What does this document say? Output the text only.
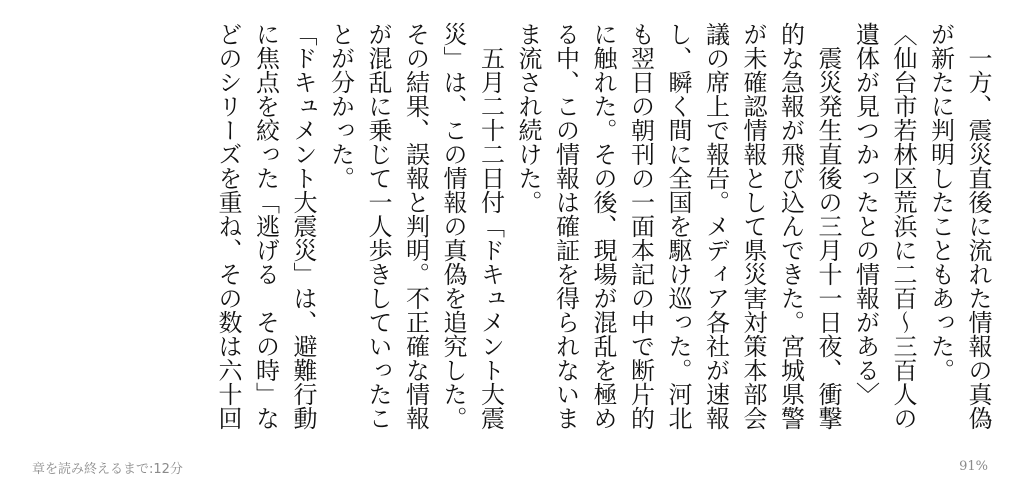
　一方、震災直後に流れた情報の真偽が新たに判明したこともあった。

〈仙台市若林区荒浜に二百〜三百人の遺体が見つかったとの情報がある〉

　震災発生直後の三月十一日夜、衝撃的な急報が飛び込んできた。宮城県警が未確認情報として県災害対策本部会議の席上で報告。メディア各社が速報し、瞬く間に全国を駆け巡った。河北も翌日の朝刊の一面本記の中で断片的に触れた。その後、現場が混乱を極める中、この情報は確証を得られないまま流され続けた。

　五月二十二日付「ドキュメント大震災」は、この情報の真偽を追究した。その結果、誤報と判明。不正確な情報が混乱に乗じて一人歩きしていったことが分かった。

「ドキュメント大震災」は、避難行動に焦点を絞った「逃げる　その時」などのシリーズを重ね、その数は六十回

章を読み終えるまで:12分	91%
